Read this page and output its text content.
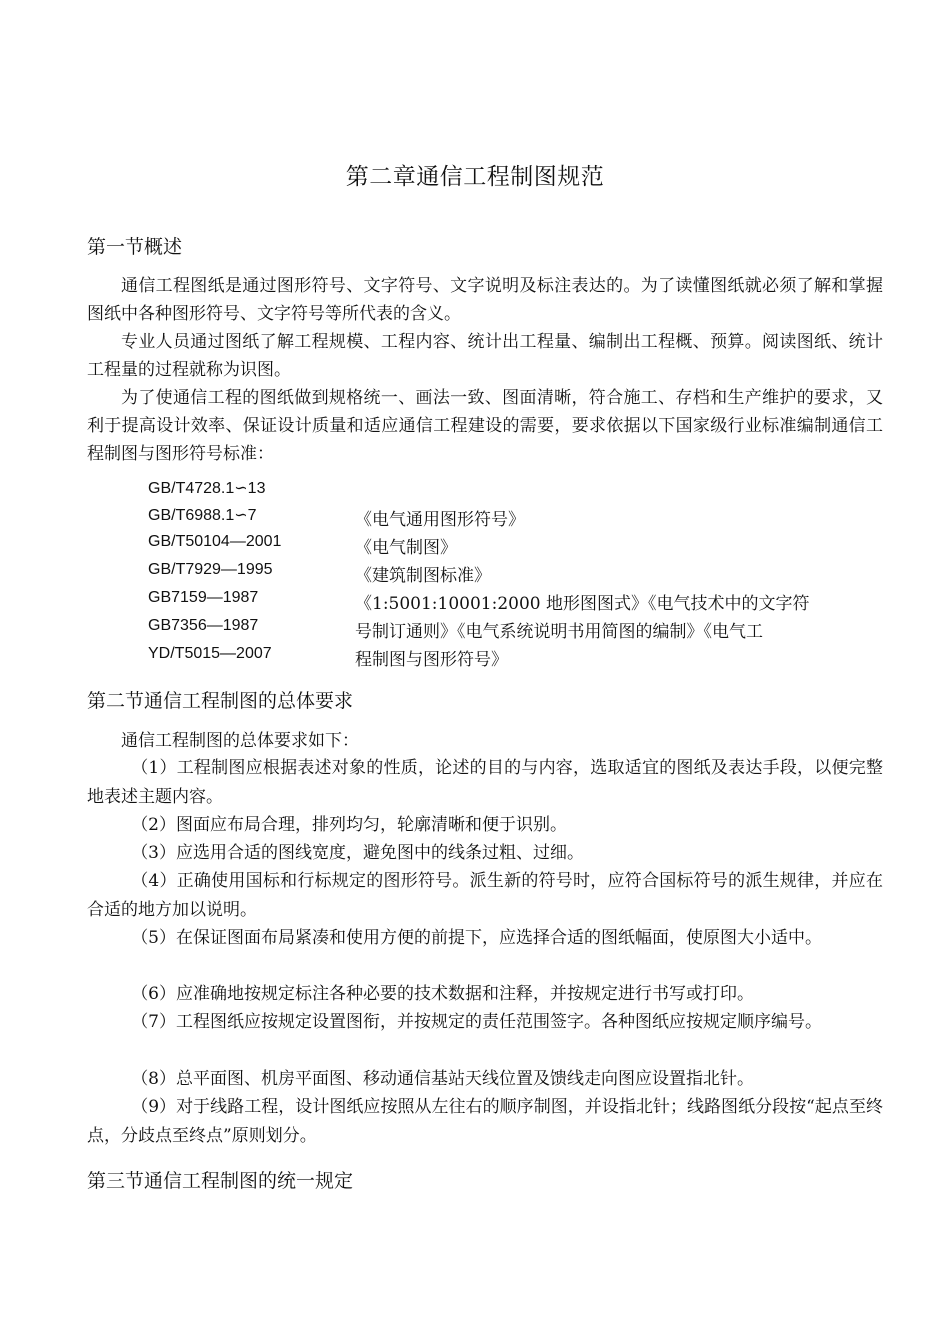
第二章通信工程制图规范
第一节概述

通信工程图纸是通过图形符号、文字符号、文字说明及标注表达的。为了读懂图纸就必须了解和掌握图纸中各种图形符号、文字符号等所代表的含义。

专业人员通过图纸了解工程规模、工程内容、统计出工程量、编制出工程概、预算。阅读图纸、统计工程量的过程就称为识图。

为了使通信工程的图纸做到规格统一、画法一致、图面清晰，符合施工、存档和生产维护的要求，又利于提高设计效率、保证设计质量和适应通信工程建设的需要，要求依据以下国家级行业标准编制通信工程制图与图形符号标准：

GB/T4728.1∽13
GB/T6988.1∽7	《电气通用图形符号》
GB/T50104—2001	《电气制图》
GB/T7929—1995	《建筑制图标准》
GB7159—1987	《1:5001:10001:2000 地形图图式》《电气技术中的文字符
GB7356—1987	号制订通则》《电气系统说明书用简图的编制》《电气工
YD/T5015—2007	程制图与图形符号》
第二节通信工程制图的总体要求

通信工程制图的总体要求如下：

（1）工程制图应根据表述对象的性质，论述的目的与内容，选取适宜的图纸及表达手段，以便完整地表述主题内容。

（2）图面应布局合理，排列均匀，轮廓清晰和便于识别。

（3）应选用合适的图线宽度，避免图中的线条过粗、过细。

（4）正确使用国标和行标规定的图形符号。派生新的符号时，应符合国标符号的派生规律，并应在合适的地方加以说明。

（5）在保证图面布局紧凑和使用方便的前提下，应选择合适的图纸幅面，使原图大小适中。

（6）应准确地按规定标注各种必要的技术数据和注释，并按规定进行书写或打印。

（7）工程图纸应按规定设置图衔，并按规定的责任范围签字。各种图纸应按规定顺序编号。

（8）总平面图、机房平面图、移动通信基站天线位置及馈线走向图应设置指北针。

（9）对于线路工程，设计图纸应按照从左往右的顺序制图，并设指北针；线路图纸分段按“起点至终点，分歧点至终点”原则划分。

第三节通信工程制图的统一规定
